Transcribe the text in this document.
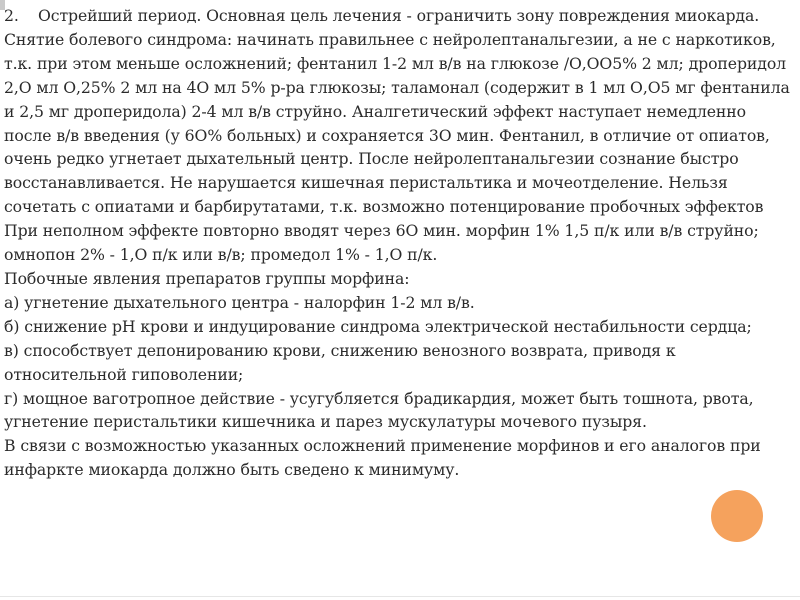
2. Острейший период. Основная цель лечения - ограничить зону повреждения миокарда. Снятие болевого синдрома: начинать правильнее с нейролептанальгезии, а не с наркотиков, т.к. при этом меньше осложнений; фентанил 1-2 мл в/в на глюкозе /О,ОО5% 2 мл; дроперидол 2,О мл О,25% 2 мл на 4О мл 5% р-ра глюкозы; таламонал (содержит в 1 мл О,О5 мг фентанила и 2,5 мг дроперидола) 2-4 мл в/в струйно. Аналгетический эффект наступает немедленно после в/в введения (у 6О% больных) и сохраняется 3О мин. Фентанил, в отличие от опиатов, очень редко угнетает дыхательный центр. После нейролептанальгезии сознание быстро восстанавливается. Не нарушается кишечная перистальтика и мочеотделение. Нельзя сочетать с опиатами и барбирутатами, т.к. возможно потенцирование пробочных эффектов

При неполном эффекте повторно вводят через 6О мин. морфин 1% 1,5 п/к или в/в струйно; омнопон 2% - 1,О п/к или в/в; промедол 1% - 1,О п/к.

Побочные явления препаратов группы морфина:

а) угнетение дыхательного центра - налорфин 1-2 мл в/в.

б) снижение рН крови и индуцирование синдрома электрической нестабильности сердца;

в) способствует депонированию крови, снижению венозного возврата, приводя к относительной гиповолении;

г) мощное ваготропное действие - усугубляется брадикардия, может быть тошнота, рвота, угнетение перистальтики кишечника и парез мускулатуры мочевого пузыря.

В связи с возможностью указанных осложнений применение морфинов и его аналогов при инфаркте миокарда должно быть сведено к минимуму.
